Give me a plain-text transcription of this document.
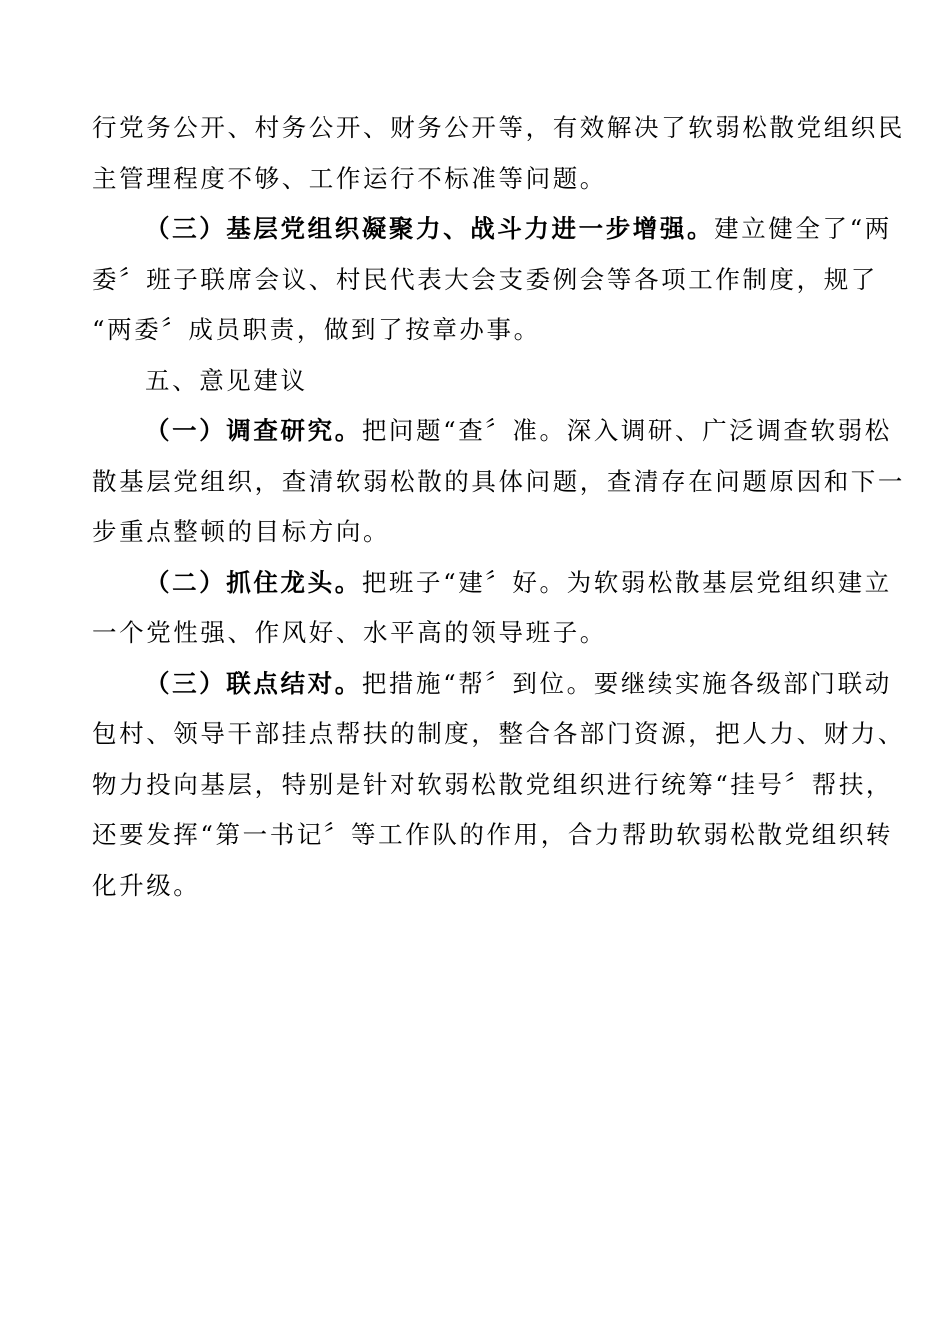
行党务公开、村务公开、财务公开等，有效解决了软弱松散党组织民
主管理程度不够、工作运行不标准等问题。

（三）基层党组织凝聚力、战斗力进一步增强。建立健全了“两
委〞班子联席会议、村民代表大会支委例会等各项工作制度，规了
“两委〞成员职责，做到了按章办事。

五、意见建议

（一）调查研究。把问题“查〞准。深入调研、广泛调查软弱松
散基层党组织，查清软弱松散的具体问题，查清存在问题原因和下一
步重点整顿的目标方向。

（二）抓住龙头。把班子“建〞好。为软弱松散基层党组织建立
一个党性强、作风好、水平高的领导班子。

（三）联点结对。把措施“帮〞到位。要继续实施各级部门联动
包村、领导干部挂点帮扶的制度，整合各部门资源，把人力、财力、
物力投向基层，特别是针对软弱松散党组织进行统筹“挂号〞帮扶，
还要发挥“第一书记〞等工作队的作用，合力帮助软弱松散党组织转
化升级。
